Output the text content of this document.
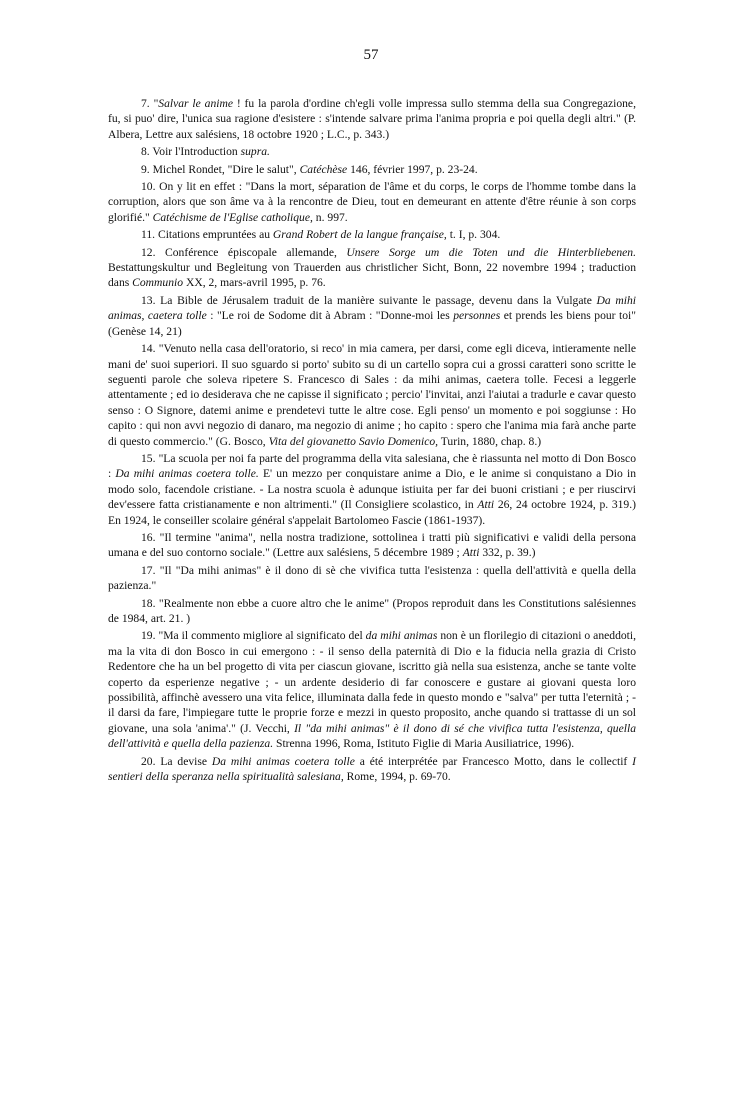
57

7. "Salvar le anime ! fu la parola d'ordine ch'egli volle impressa sullo stemma della sua Congregazione, fu, si puo' dire, l'unica sua ragione d'esistere : s'intende salvare prima l'anima propria e poi quella degli altri." (P. Albera, Lettre aux salésiens, 18 octobre 1920 ; L.C., p. 343.)

8. Voir l'Introduction supra.

9. Michel Rondet, "Dire le salut", Catéchèse 146, février 1997, p. 23-24.

10. On y lit en effet : "Dans la mort, séparation de l'âme et du corps, le corps de l'homme tombe dans la corruption, alors que son âme va à la rencontre de Dieu, tout en demeurant en attente d'être réunie à son corps glorifié." Catéchisme de l'Eglise catholique, n. 997.

11. Citations empruntées au Grand Robert de la langue française, t. I, p. 304.

12. Conférence épiscopale allemande, Unsere Sorge um die Toten und die Hinterbliebenen. Bestattungskultur und Begleitung von Trauerden aus christlicher Sicht, Bonn, 22 novembre 1994 ; traduction dans Communio XX, 2, mars-avril 1995, p. 76.

13. La Bible de Jérusalem traduit de la manière suivante le passage, devenu dans la Vulgate Da mihi animas, caetera tolle : "Le roi de Sodome dit à Abram : "Donne-moi les personnes et prends les biens pour toi" (Genèse 14, 21)

14. "Venuto nella casa dell'oratorio, si reco' in mia camera, per darsi, come egli diceva, intieramente nelle mani de' suoi superiori. Il suo sguardo si porto' subito su di un cartello sopra cui a grossi caratteri sono scritte le seguenti parole che soleva ripetere S. Francesco di Sales : da mihi animas, caetera tolle. Fecesi a leggerle attentamente ; ed io desiderava che ne capisse il significato ; percio' l'invitai, anzi l'aiutai a tradurle e cavar questo senso : O Signore, datemi anime e prendetevi tutte le altre cose. Egli penso' un momento e poi soggiunse : Ho capito : qui non avvi negozio di danaro, ma negozio di anime ; ho capito : spero che l'anima mia farà anche parte di questo commercio." (G. Bosco, Vita del giovanetto Savio Domenico, Turin, 1880, chap. 8.)

15. "La scuola per noi fa parte del programma della vita salesiana, che è riassunta nel motto di Don Bosco : Da mihi animas coetera tolle. E' un mezzo per conquistare anime a Dio, e le anime si conquistano a Dio in modo solo, facendole cristiane. - La nostra scuola è adunque istiuita per far dei buoni cristiani ; e per riuscirvi dev'essere fatta cristianamente e non altrimenti." (Il Consigliere scolastico, in Atti 26, 24 octobre 1924, p. 319.) En 1924, le conseiller scolaire général s'appelait Bartolomeo Fascie (1861-1937).

16. "Il termine "anima", nella nostra tradizione, sottolinea i tratti più significativi e validi della persona umana e del suo contorno sociale." (Lettre aux salésiens, 5 décembre 1989 ; Atti 332, p. 39.)

17. "Il "Da mihi animas" è il dono di sè che vivifica tutta l'esistenza : quella dell'attività e quella della pazienza."

18. "Realmente non ebbe a cuore altro che le anime" (Propos reproduit dans les Constitutions salésiennes de 1984, art. 21. )

19. "Ma il commento migliore al significato del da mihi animas non è un florilegio di citazioni o aneddoti, ma la vita di don Bosco in cui emergono : - il senso della paternità di Dio e la fiducia nella grazia di Cristo Redentore che ha un bel progetto di vita per ciascun giovane, iscritto già nella sua esistenza, anche se tante volte coperto da esperienze negative ; - un ardente desiderio di far conoscere e gustare ai giovani questa loro possibilità, affinchè avessero una vita felice, illuminata dalla fede in questo mondo e "salva" per tutta l'eternità ; - il darsi da fare, l'impiegare tutte le proprie forze e mezzi in questo proposito, anche quando si trattasse di un sol giovane, una sola 'anima'." (J. Vecchi, Il "da mihi animas" è il dono di sé che vivifica tutta l'esistenza, quella dell'attività e quella della pazienza. Strenna 1996, Roma, Istituto Figlie di Maria Ausiliatrice, 1996).

20. La devise Da mihi animas coetera tolle a été interprétée par Francesco Motto, dans le collectif I sentieri della speranza nella spiritualità salesiana, Rome, 1994, p. 69-70.
